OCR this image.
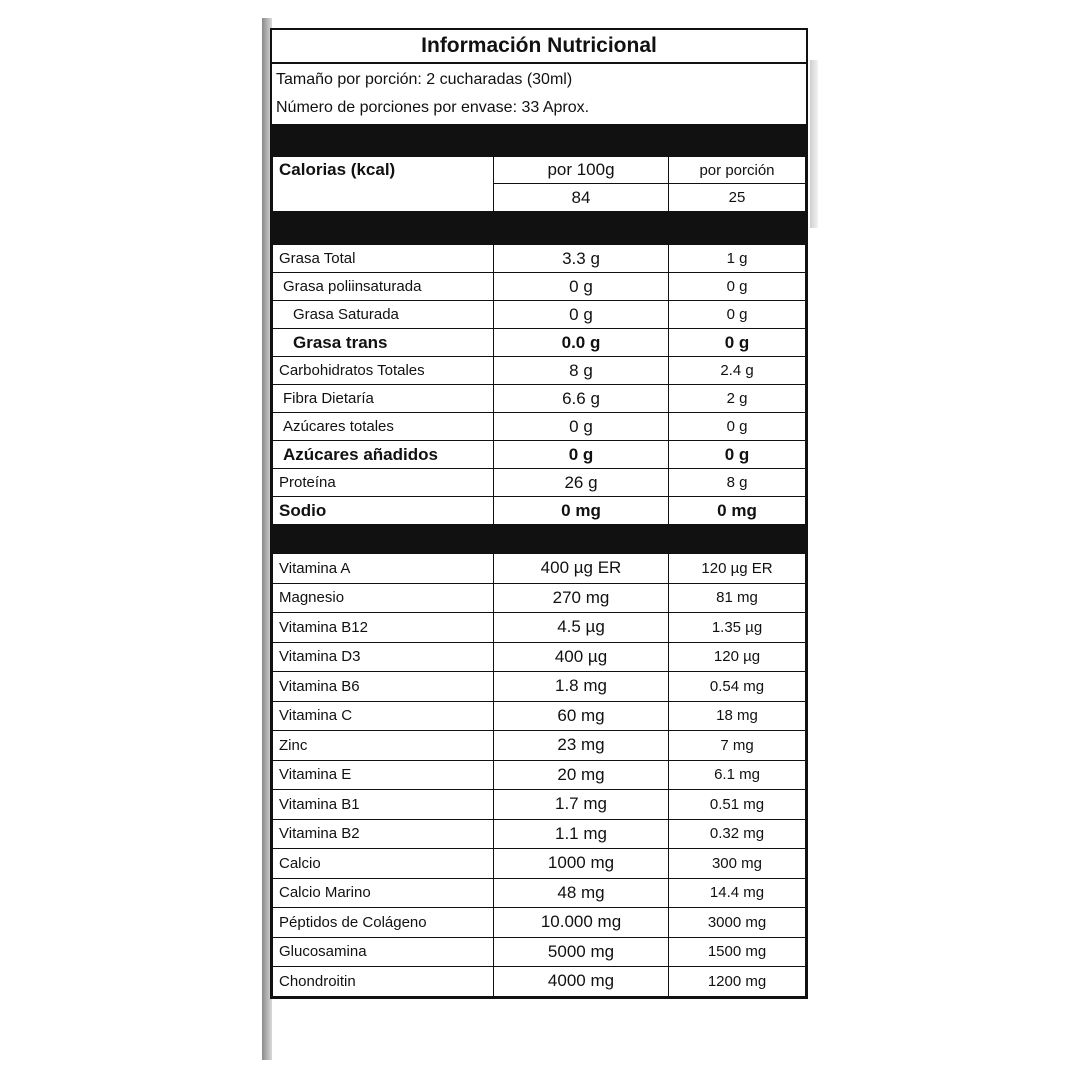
Información Nutricional
Tamaño por porción: 2 cucharadas (30ml)
Número de porciones por envase: 33 Aprox.
Calorias (kcal)	por 100g	por porción
	84	25
Grasa Total	3.3 g	1 g
Grasa poliinsaturada	0 g	0 g
Grasa Saturada	0 g	0 g
Grasa trans	0.0 g	0 g
Carbohidratos Totales	8 g	2.4 g
Fibra Dietaría	6.6 g	2 g
Azúcares totales	0 g	0 g
Azúcares añadidos	0 g	0 g
Proteína	26 g	8 g
Sodio	0 mg	0 mg
Vitamina A	400 µg ER	120 µg ER
Magnesio	270 mg	81 mg
Vitamina B12	4.5 µg	1.35 µg
Vitamina D3	400 µg	120 µg
Vitamina B6	1.8 mg	0.54 mg
Vitamina C	60 mg	18 mg
Zinc	23 mg	7 mg
Vitamina E	20 mg	6.1 mg
Vitamina B1	1.7 mg	0.51 mg
Vitamina B2	1.1 mg	0.32 mg
Calcio	1000 mg	300 mg
Calcio Marino	48 mg	14.4 mg
Péptidos de Colágeno	10.000 mg	3000 mg
Glucosamina	5000 mg	1500 mg
Chondroitin	4000 mg	1200 mg
